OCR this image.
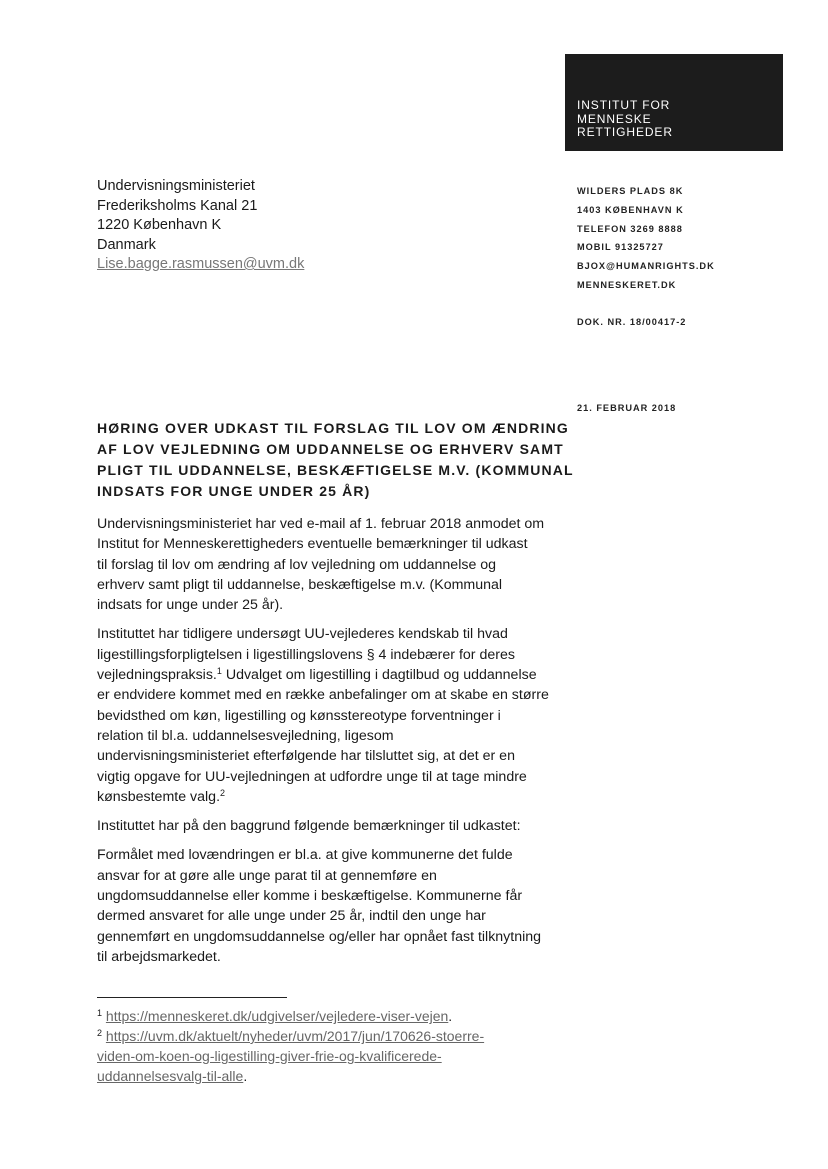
INSTITUT FOR
MENNESKE
RETTIGHEDER
Undervisningsministeriet
Frederiksholms Kanal 21
1220 København K
Danmark
Lise.bagge.rasmussen@uvm.dk
WILDERS PLADS 8K
1403 KØBENHAVN K
TELEFON 3269 8888
MOBIL 91325727
BJOX@HUMANRIGHTS.DK
MENNESKERET.DK
DOK. NR. 18/00417-2
21. FEBRUAR 2018
HØRING OVER UDKAST TIL FORSLAG TIL LOV OM ÆNDRING
AF LOV VEJLEDNING OM UDDANNELSE OG ERHVERV SAMT
PLIGT TIL UDDANNELSE, BESKÆFTIGELSE M.V. (KOMMUNAL
INDSATS FOR UNGE UNDER 25 ÅR)

Undervisningsministeriet har ved e-mail af 1. februar 2018 anmodet om
Institut for Menneskerettigheders eventuelle bemærkninger til udkast
til forslag til lov om ændring af lov vejledning om uddannelse og
erhverv samt pligt til uddannelse, beskæftigelse m.v. (Kommunal
indsats for unge under 25 år).

Instituttet har tidligere undersøgt UU-vejlederes kendskab til hvad
ligestillingsforpligtelsen i ligestillingslovens § 4 indebærer for deres
vejledningspraksis.$^1$ Udvalget om ligestilling i dagtilbud og uddannelse
er endvidere kommet med en række anbefalinger om at skabe en større
bevidsthed om køn, ligestilling og kønsstereotype forventninger i
relation til bl.a. uddannelsesvejledning, ligesom
undervisningsministeriet efterfølgende har tilsluttet sig, at det er en
vigtig opgave for UU-vejledningen at udfordre unge til at tage mindre
kønsbestemte valg.$^2$

Instituttet har på den baggrund følgende bemærkninger til udkastet:

Formålet med lovændringen er bl.a. at give kommunerne det fulde
ansvar for at gøre alle unge parat til at gennemføre en
ungdomsuddannelse eller komme i beskæftigelse. Kommunerne får
dermed ansvaret for alle unge under 25 år, indtil den unge har
gennemført en ungdomsuddannelse og/eller har opnået fast tilknytning
til arbejdsmarkedet.

$^1$ https://menneskeret.dk/udgivelser/vejledere-viser-vejen.
$^2$ https://uvm.dk/aktuelt/nyheder/uvm/2017/jun/170626-stoerre-
viden-om-koen-og-ligestilling-giver-frie-og-kvalificerede-
uddannelsesvalg-til-alle.
